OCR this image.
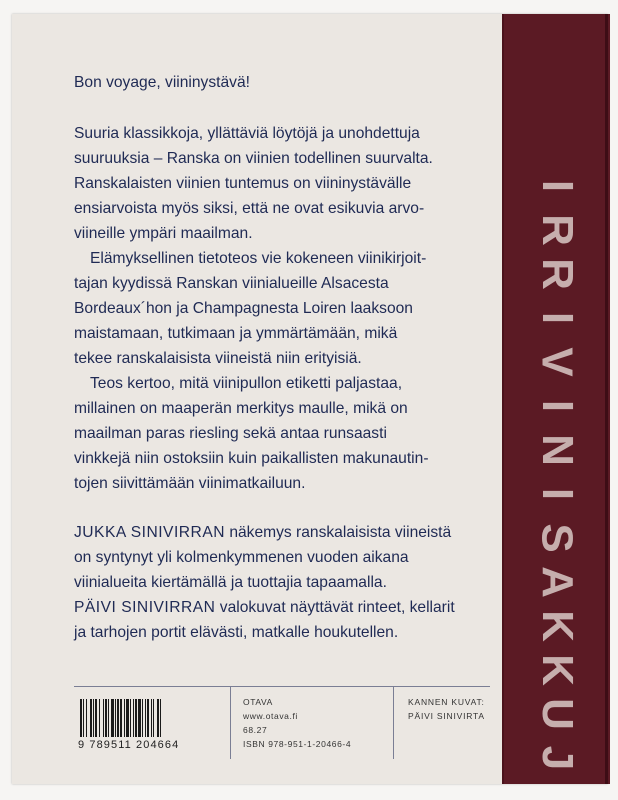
Bon voyage, viininystävä!

Suuria klassikkoja, yllättäviä löytöjä ja unohdettuja
suuruuksia – Ranska on viinien todellinen suurvalta.
Ranskalaisten viinien tuntemus on viininystävälle
ensiarvoista myös siksi, että ne ovat esikuvia arvo-
viineille ympäri maailman.
Elämyksellinen tietoteos vie kokeneen viinikirjoit-
tajan kyydissä Ranskan viinialueille Alsacesta
Bordeaux´hon ja Champagnesta Loiren laaksoon
maistamaan, tutkimaan ja ymmärtämään, mikä
tekee ranskalaisista viineistä niin erityisiä.
Teos kertoo, mitä viinipullon etiketti paljastaa,
millainen on maaperän merkitys maulle, mikä on
maailman paras riesling sekä antaa runsaasti
vinkkejä niin ostoksiin kuin paikallisten makunautin-
tojen siivittämään viinimatkailuun.
JUKKA SINIVIRRAN näkemys ranskalaisista viineistä
on syntynyt yli kolmenkymmenen vuoden aikana
viinialueita kiertämällä ja tuottajia tapaamalla.
PÄIVI SINIVIRRAN valokuvat näyttävät rinteet, kellarit
ja tarhojen portit elävästi, matkalle houkutellen.
9 789511 204664
OTAVA
www.otava.fi
68.27
ISBN 978-951-1-20466-4
KANNEN KUVAT:
PÄIVI SINIVIRTA
I
R
R
I
V
I
N
I
S
A
K
K
U
J
